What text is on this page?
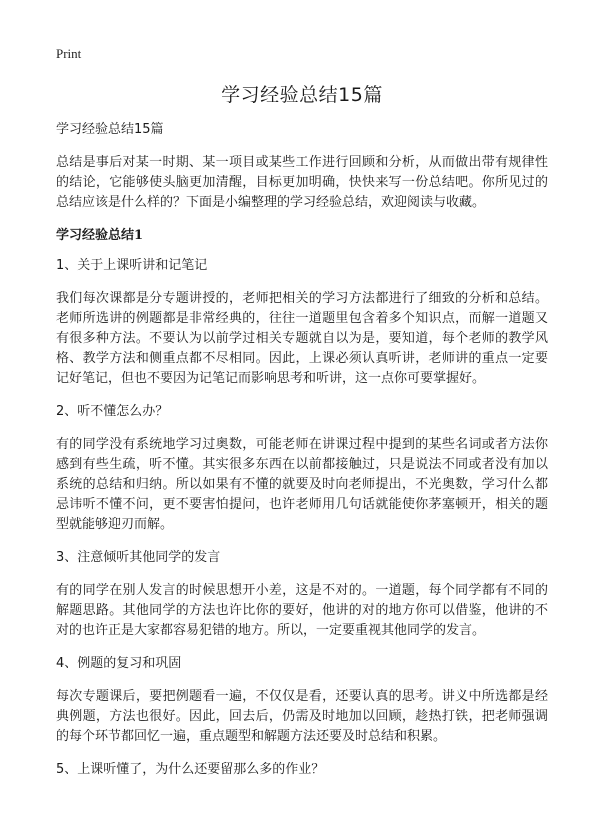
Print
学习经验总结15篇

学习经验总结15篇

总结是事后对某一时期、某一项目或某些工作进行回顾和分析，从而做出带有规律性的结论，它能够使头脑更加清醒，目标更加明确，快快来写一份总结吧。你所见过的总结应该是什么样的？下面是小编整理的学习经验总结，欢迎阅读与收藏。

学习经验总结1

1、关于上课听讲和记笔记

我们每次课都是分专题讲授的，老师把相关的学习方法都进行了细致的分析和总结。老师所选讲的例题都是非常经典的，往往一道题里包含着多个知识点，而解一道题又有很多种方法。不要认为以前学过相关专题就自以为是，要知道，每个老师的教学风格、教学方法和侧重点都不尽相同。因此，上课必须认真听讲，老师讲的重点一定要记好笔记，但也不要因为记笔记而影响思考和听讲，这一点你可要掌握好。

2、听不懂怎么办？

有的同学没有系统地学习过奥数，可能老师在讲课过程中提到的某些名词或者方法你感到有些生疏，听不懂。其实很多东西在以前都接触过，只是说法不同或者没有加以系统的总结和归纳。所以如果有不懂的就要及时向老师提出，不光奥数，学习什么都忌讳听不懂不问，更不要害怕提问，也许老师用几句话就能使你茅塞顿开，相关的题型就能够迎刃而解。

3、注意倾听其他同学的发言

有的同学在别人发言的时候思想开小差，这是不对的。一道题，每个同学都有不同的解题思路。其他同学的方法也许比你的要好，他讲的对的地方你可以借鉴，他讲的不对的也许正是大家都容易犯错的地方。所以，一定要重视其他同学的发言。

4、例题的复习和巩固

每次专题课后，要把例题看一遍，不仅仅是看，还要认真的思考。讲义中所选都是经典例题，方法也很好。因此，回去后，仍需及时地加以回顾，趁热打铁，把老师强调的每个环节都回忆一遍，重点题型和解题方法还要及时总结和积累。

5、上课听懂了，为什么还要留那么多的作业？
